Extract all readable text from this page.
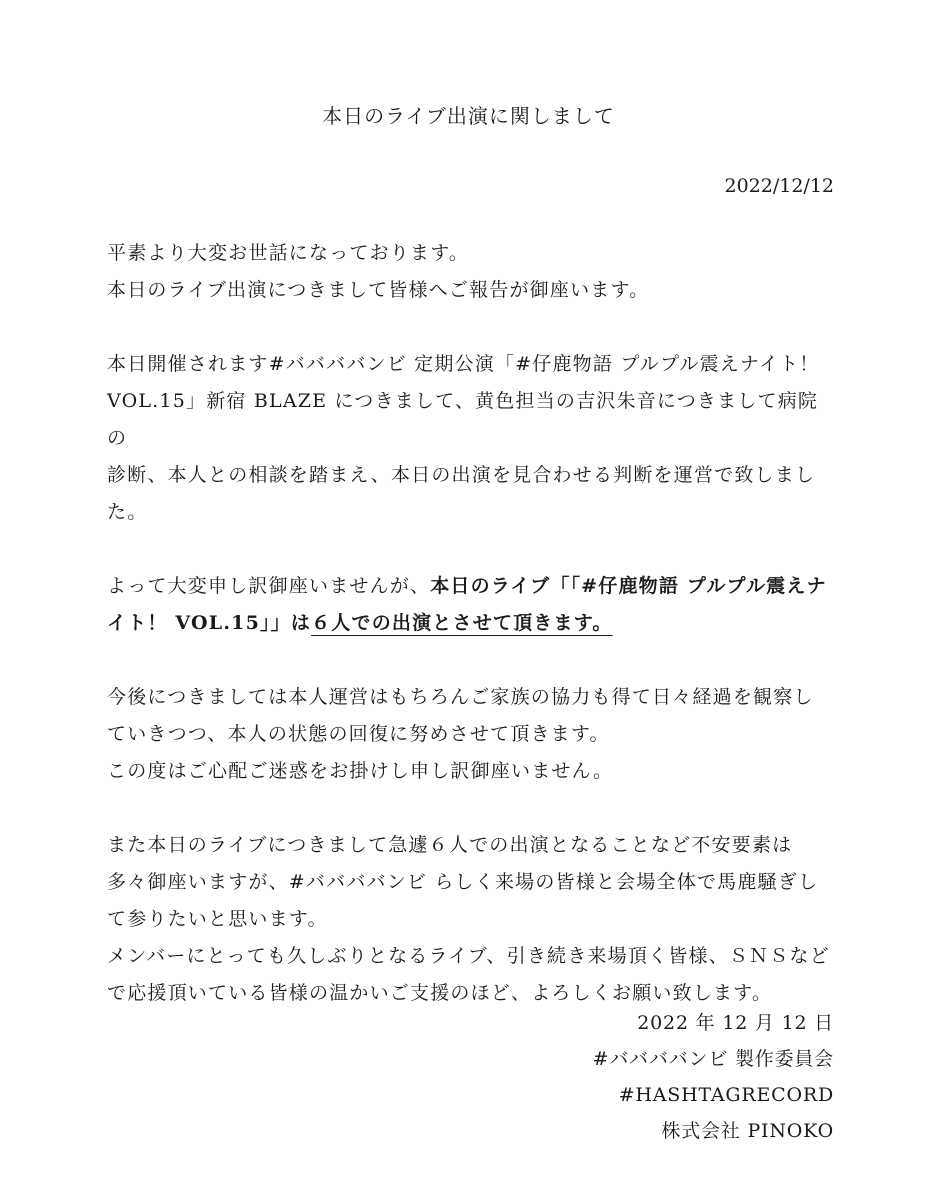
本日のライブ出演に関しまして
2022/12/12

平素より大変お世話になっております。

本日のライブ出演につきまして皆様へご報告が御座います。

本日開催されます#ババババンビ 定期公演「#仔鹿物語 プルプル震えナイト！

VOL.15」新宿 BLAZE につきまして、黄色担当の吉沢朱音につきまして病院の

診断、本人との相談を踏まえ、本日の出演を見合わせる判断を運営で致しまし

た。

よって大変申し訳御座いませんが、本日のライブ「「#仔鹿物語 プルプル震えナ

イト！ VOL.15」」は６人での出演とさせて頂きます。

今後につきましては本人運営はもちろんご家族の協力も得て日々経過を観察し

ていきつつ、本人の状態の回復に努めさせて頂きます。

この度はご心配ご迷惑をお掛けし申し訳御座いません。

また本日のライブにつきまして急遽６人での出演となることなど不安要素は

多々御座いますが、#ババババンビ らしく来場の皆様と会場全体で馬鹿騒ぎし

て参りたいと思います。

メンバーにとっても久しぶりとなるライブ、引き続き来場頂く皆様、ＳＮＳなど

で応援頂いている皆様の温かいご支援のほど、よろしくお願い致します。

2022 年 12 月 12 日
#ババババンビ 製作委員会
#HASHTAGRECORD
株式会社 PINOKO
